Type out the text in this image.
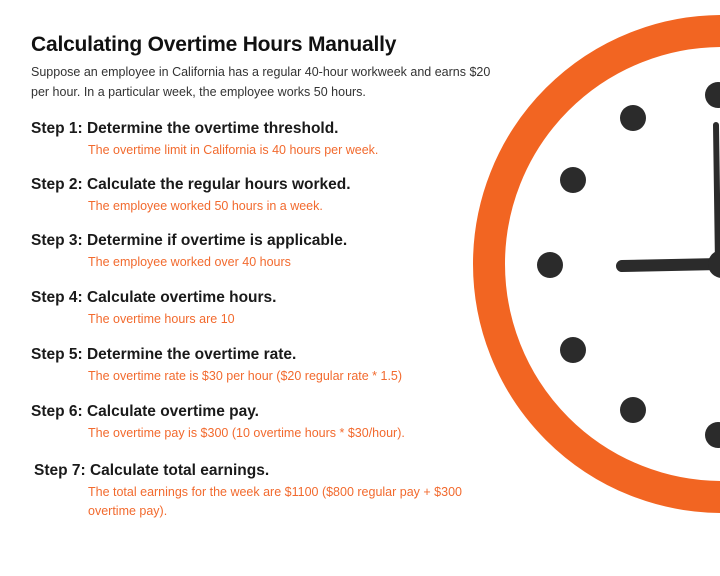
Calculating Overtime Hours Manually
Suppose an employee in California has a regular 40-hour workweek and earns $20 per hour. In a particular week, the employee works 50 hours.
Step 1: Determine the overtime threshold.

The overtime limit in California is 40 hours per week.

Step 2: Calculate the regular hours worked.

The employee worked 50 hours in a week.

Step 3: Determine if overtime is applicable.

The employee worked over 40 hours

Step 4: Calculate overtime hours.

The overtime hours are 10

Step 5: Determine the overtime rate.

The overtime rate is $30 per hour ($20 regular rate * 1.5)

Step 6: Calculate overtime pay.

The overtime pay is $300 (10 overtime hours * $30/hour).

Step 7: Calculate total earnings.

The total earnings for the week are $1100 ($800 regular pay + $300 overtime pay).
